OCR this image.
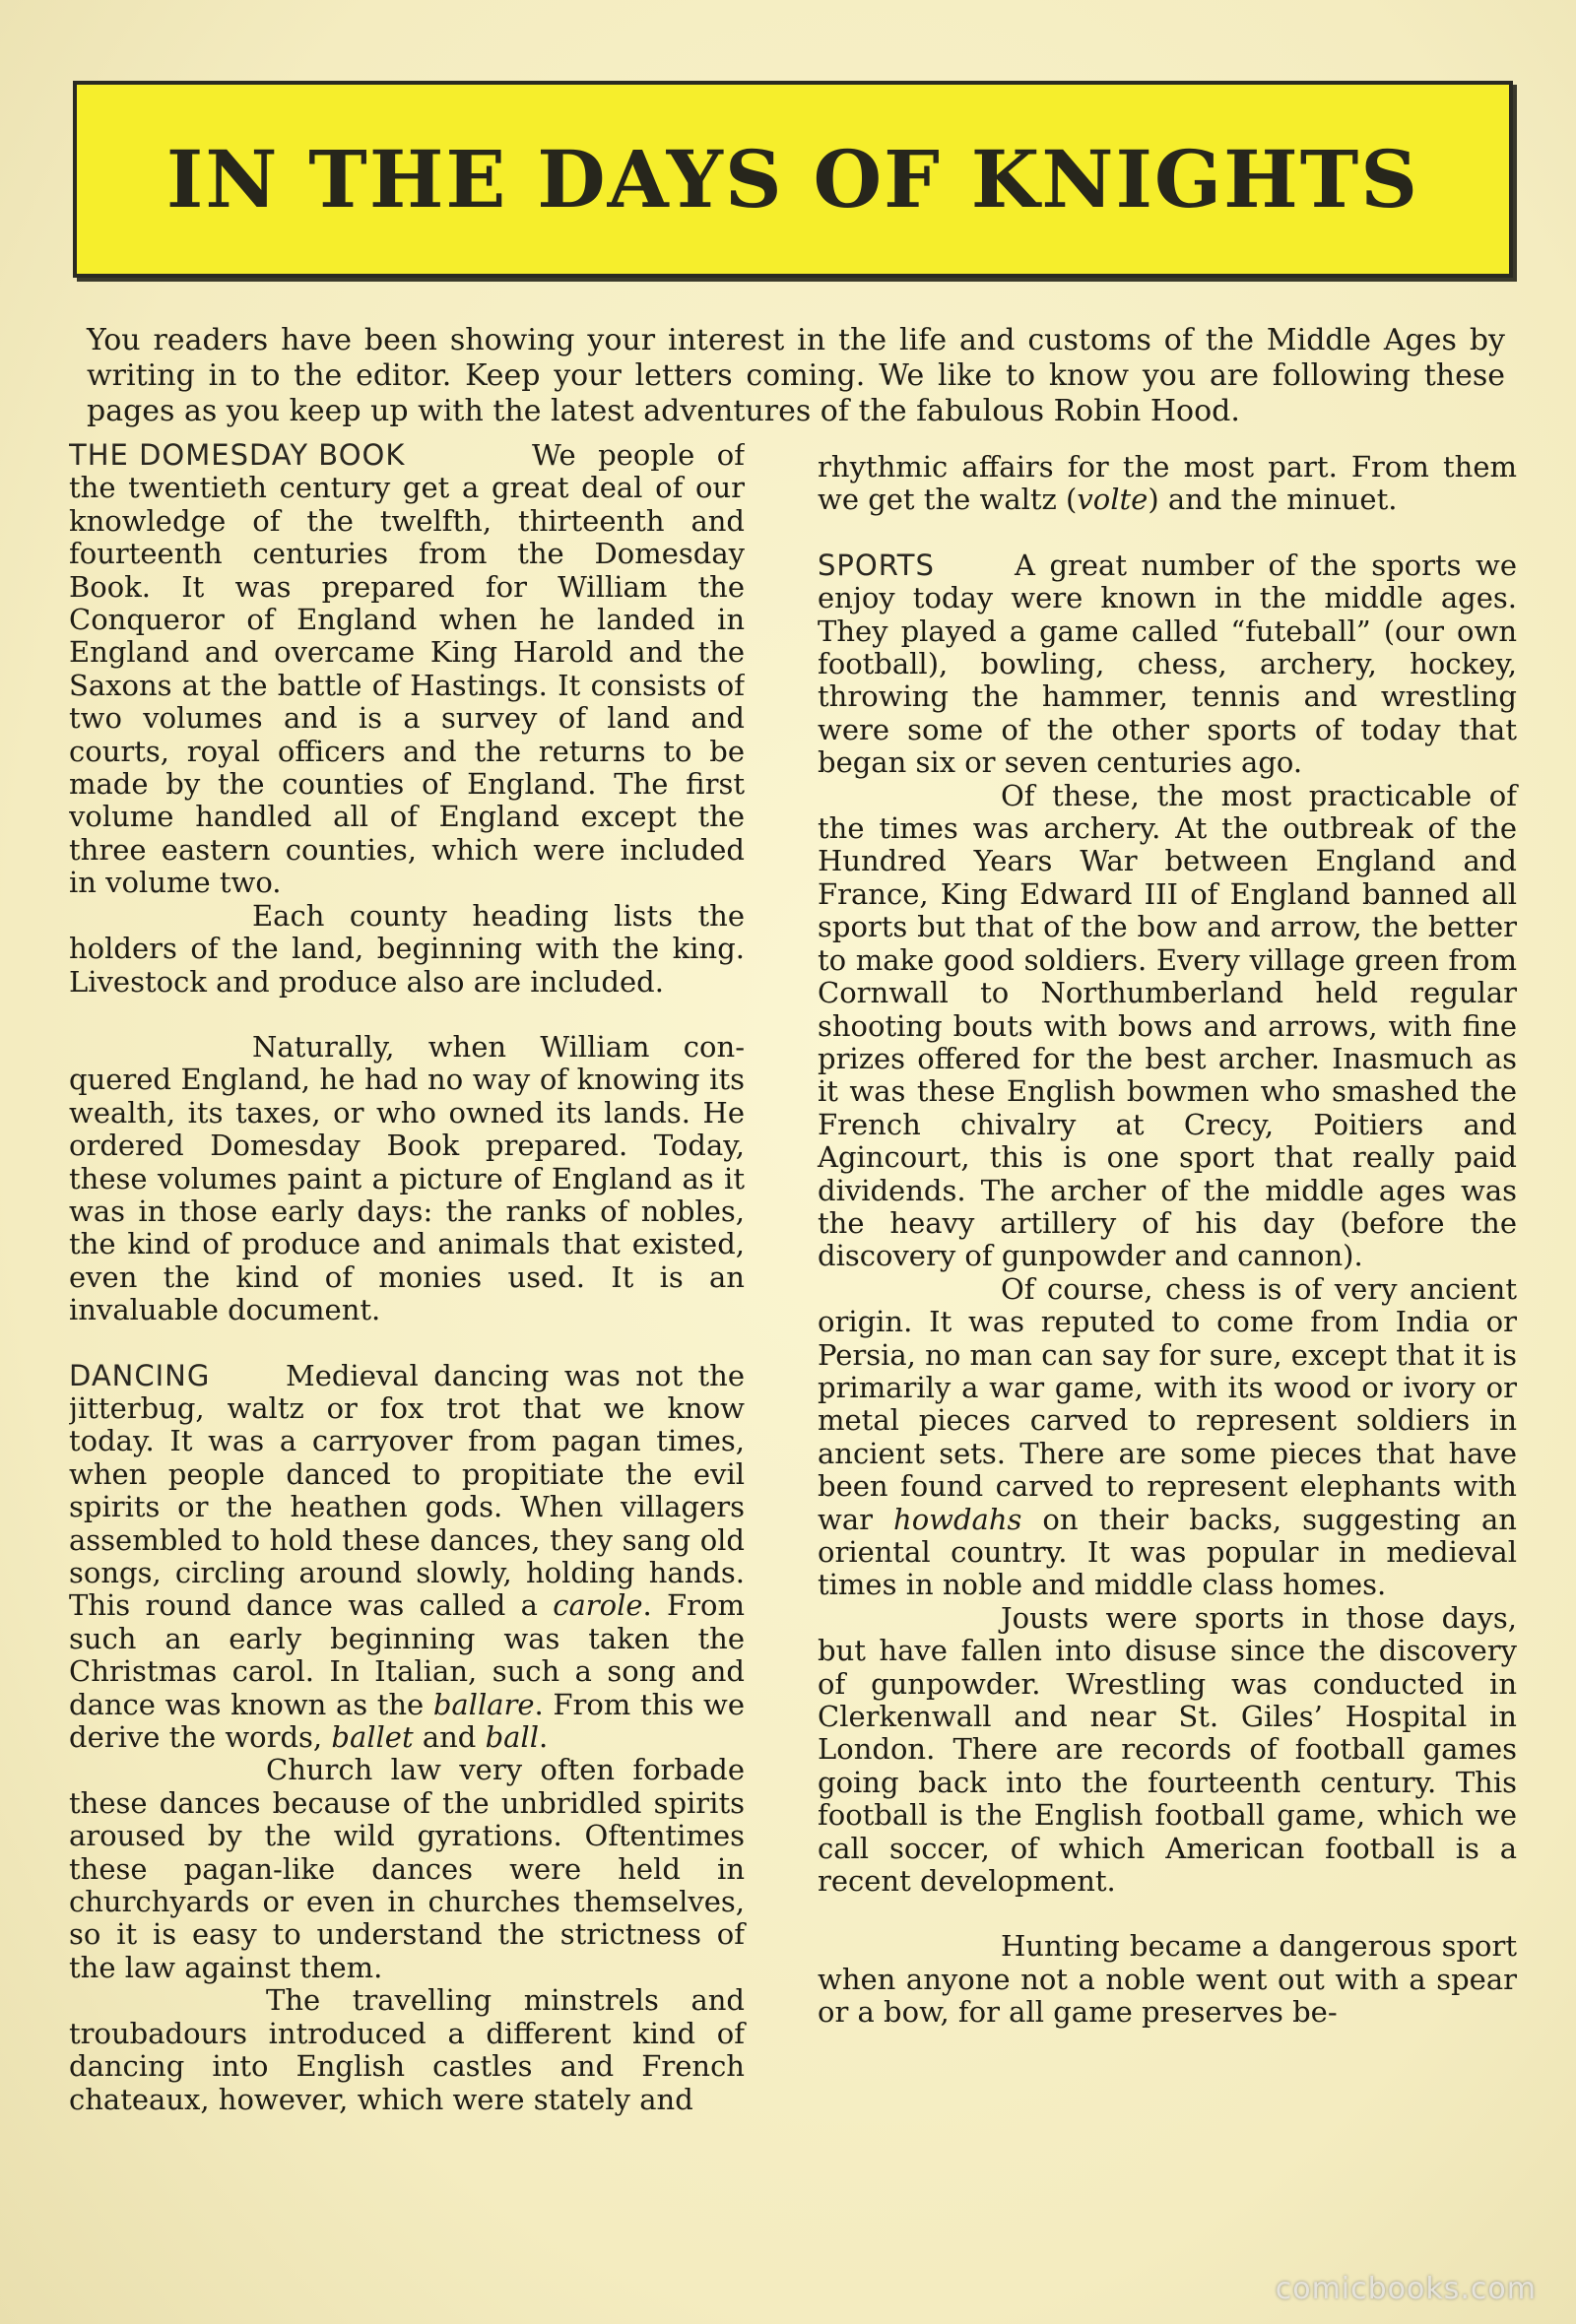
IN THE DAYS OF KNIGHTS

You readers have been showing your interest in the life and customs of the Middle Ages by writing in to the editor. Keep your letters coming. We like to know you are following these pages as you keep up with the latest adventures of the fabulous Robin Hood.

THE DOMESDAY BOOK	We people of the twentieth century get a great deal of our knowledge of the twelfth, thirteenth and fourteenth centuries from the Domesday Book. It was prepared for William the Conqueror of England when he landed in England and overcame King Harold and the Saxons at the battle of Hastings. It consists of two volumes and is a survey of land and courts, royal officers and the returns to be made by the counties of England. The first volume handled all of England except the three eastern counties, which were included in volume two.

Each county heading lists the holders of the land, beginning with the king. Livestock and produce also are included.

Naturally, when William conquered England, he had no way of knowing its wealth, its taxes, or who owned its lands. He ordered Domesday Book prepared. Today, these volumes paint a picture of England as it was in those early days: the ranks of nobles, the kind of produce and animals that existed, even the kind of monies used. It is an invaluable document.

DANCING	Medieval dancing was not the jitterbug, waltz or fox trot that we know today. It was a carryover from pagan times, when people danced to propitiate the evil spirits or the heathen gods. When villagers assembled to hold these dances, they sang old songs, circling around slowly, holding hands. This round dance was called a carole. From such an early beginning was taken the Christmas carol. In Italian, such a song and dance was known as the ballare. From this we derive the words, ballet and ball.

Church law very often forbade these dances because of the unbridled spirits aroused by the wild gyrations. Oftentimes these pagan-like dances were held in churchyards or even in churches themselves, so it is easy to understand the strictness of the law against them.

The travelling minstrels and troubadours introduced a different kind of dancing into English castles and French chateaux, however, which were stately and

rhythmic affairs for the most part. From them we get the waltz (volte) and the minuet.

SPORTS	A great number of the sports we enjoy today were known in the middle ages. They played a game called “futeball” (our own football), bowling, chess, archery, hockey, throwing the hammer, tennis and wrestling were some of the other sports of today that began six or seven centuries ago.

Of these, the most practicable of the times was archery. At the outbreak of the Hundred Years War between England and France, King Edward III of England banned all sports but that of the bow and arrow, the better to make good soldiers. Every village green from Cornwall to Northumberland held regular shooting bouts with bows and arrows, with fine prizes offered for the best archer. Inasmuch as it was these English bowmen who smashed the French chivalry at Crecy, Poitiers and Agincourt, this is one sport that really paid dividends. The archer of the middle ages was the heavy artillery of his day (before the discovery of gunpowder and cannon).

Of course, chess is of very ancient origin. It was reputed to come from India or Persia, no man can say for sure, except that it is primarily a war game, with its wood or ivory or metal pieces carved to represent soldiers in ancient sets. There are some pieces that have been found carved to represent elephants with war howdahs on their backs, suggesting an oriental country. It was popular in medieval times in noble and middle class homes.

Jousts were sports in those days, but have fallen into disuse since the discovery of gunpowder. Wrestling was conducted in Clerkenwall and near St. Giles’ Hospital in London. There are records of football games going back into the fourteenth century. This football is the English football game, which we call soccer, of which American football is a recent development.

Hunting became a dangerous sport when anyone not a noble went out with a spear or a bow, for all game preserves be-

comicbooks.com
